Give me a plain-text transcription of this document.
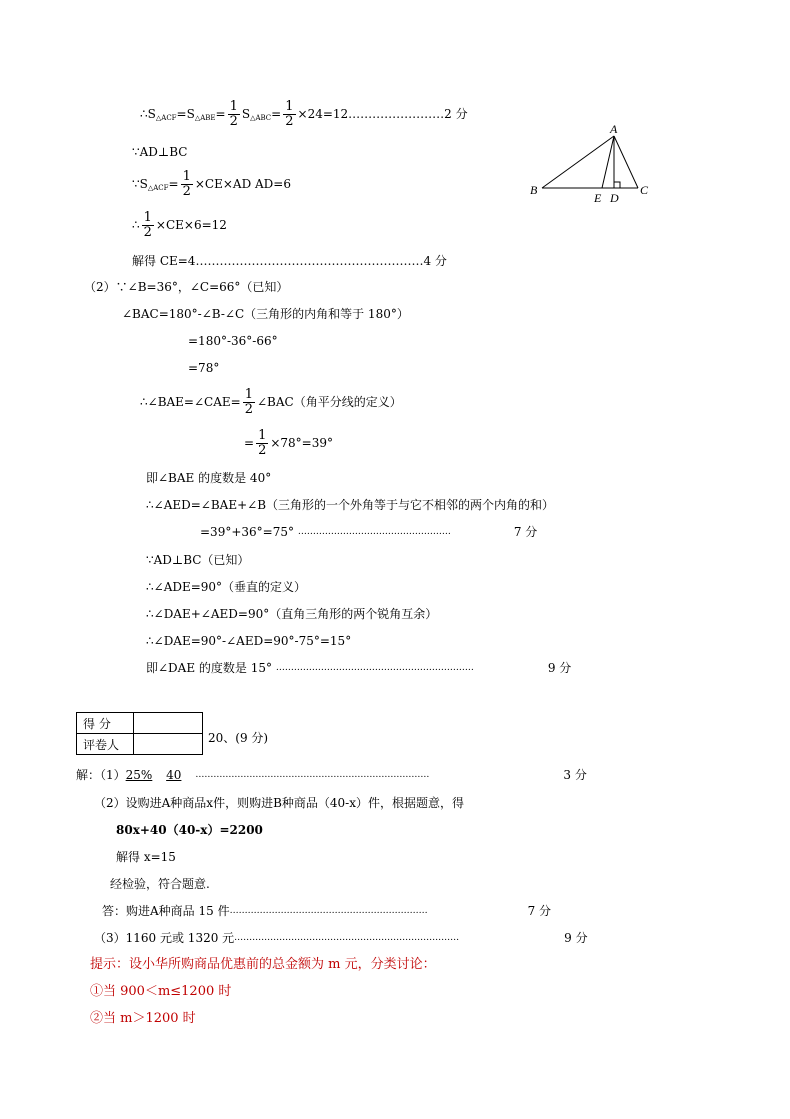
$\therefore S_{\triangle ACF}=S_{\triangle ABE}= \frac{1}{2} S_{\triangle ABC}= \frac{1}{2}$ ×24=12……………………2 分
∵AD⊥BC
$\because S_{\triangle ACF}= \frac{1}{2} \times CE\times AD$ AD=6
∴ $\frac{1}{2} \times CE\times 6=12$
解得 CE=4…………………………………………………4 分
A
B	C
D
E
（2）∵∠B=36°，∠C=66°（已知）
∠BAC=180°-∠B-∠C（三角形的内角和等于 180°）
=180°-36°-66°
=78°
∴∠BAE=∠CAE= $\frac{1}{2}$ ∠BAC（角平分线的定义）
= $\frac{1}{2} \times 78^\circ=39^\circ$
即∠BAE 的度数是 40°
∴∠AED=∠BAE+∠B（三角形的一个外角等于与它不相邻的两个内角的和）
=39°+36°=75° ……………………………………………	7 分
∵AD⊥BC（已知）
∴∠ADE=90°（垂直的定义）
∴∠DAE+∠AED=90°（直角三角形的两个锐角互余）
∴∠DAE=90°-∠AED=90°-75°=15°
即∠DAE 的度数是 15° …………………………………………………………	9 分
得 分	
评卷人		20、(9 分)
解：（1）25% 40 ……………………………………………………………………	3 分
（2）设购进A种商品x件，则购进B种商品（40-x）件，根据题意，得
80x+40（40-x）=2200
解得 x=15
经检验，符合题意.
答：购进A种商品 15 件…………………………………………………………	7 分
（3）1160 元或 1320 元…………………………………………………………………	9 分
提示：设小华所购商品优惠前的总金额为 m 元，分类讨论：
①当 900＜m≤1200 时
②当 m＞1200 时
